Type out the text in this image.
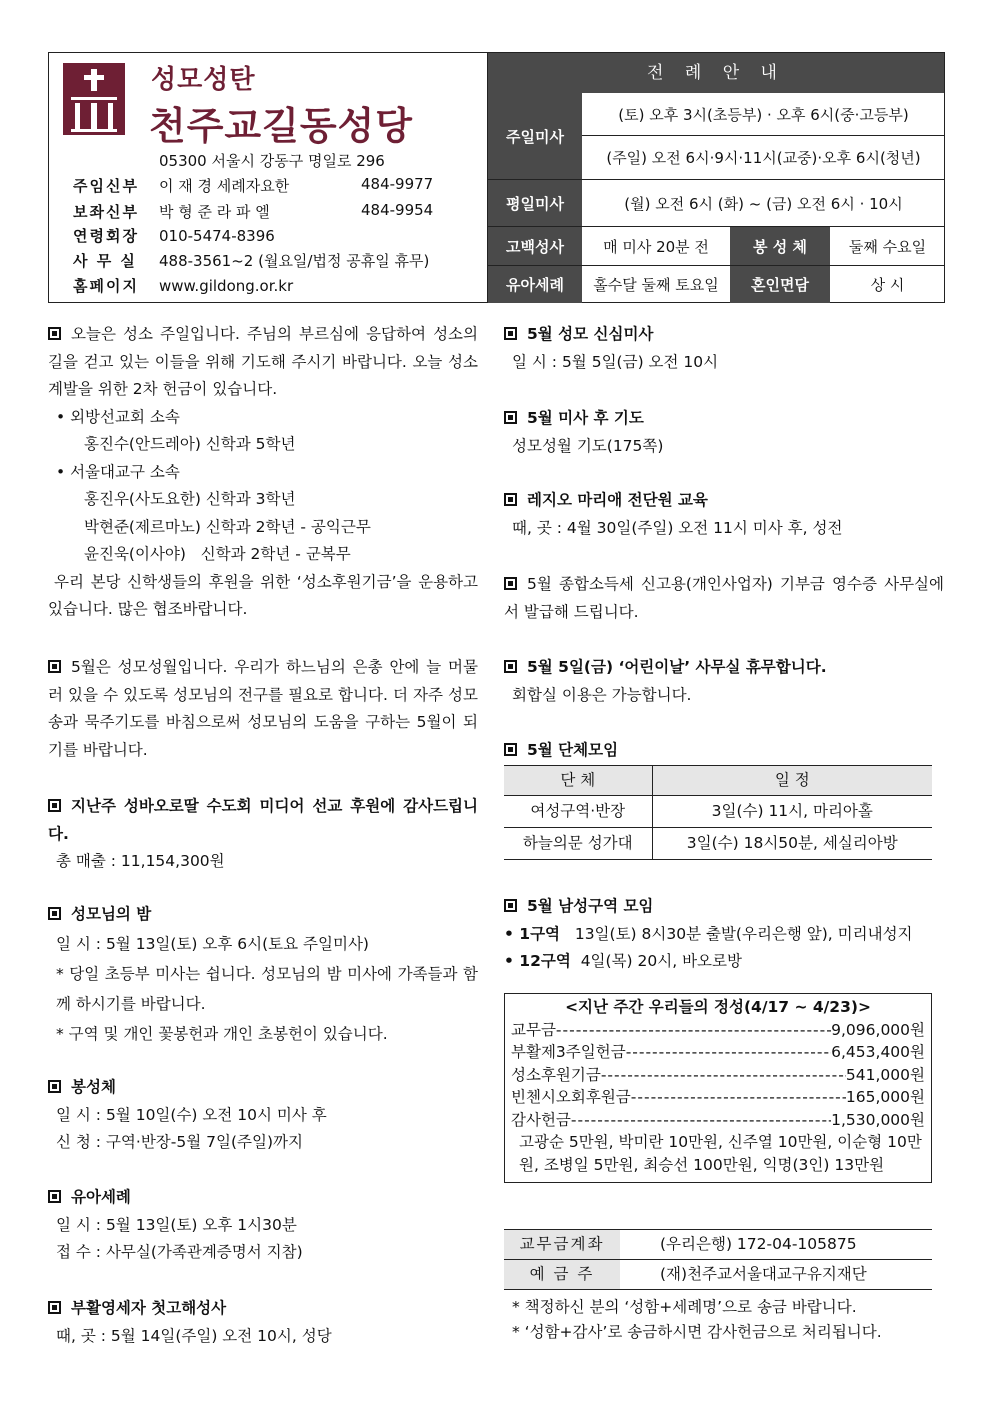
성모성탄
천주교길동성당
05300 서울시 강동구 명일로 296
주임신부 이 재 경 세례자요한	484-9977
보좌신부 박 형 준 라 파 엘	484-9954
연령회장 010-5474-8396
사 무 실 488-3561~2 (월요일/법정 공휴일 휴무)
홈페이지 www.gildong.or.kr
전 례 안 내
주일미사
(토) 오후 3시(초등부) · 오후 6시(중·고등부)
(주일) 오전 6시·9시·11시(교중)·오후 6시(청년)
평일미사	(월) 오전 6시 (화) ~ (금) 오전 6시 · 10시
고백성사	매 미사 20분 전	봉 성 체	둘째 수요일
유아세례	홀수달 둘째 토요일	혼인면담	상 시
오늘은 성소 주일입니다. 주님의 부르심에 응답하여 성소의 길을 걷고 있는 이들을 위해 기도해 주시기 바랍니다. 오늘 성소 계발을 위한 2차 헌금이 있습니다.
• 외방선교회 소속
홍진수(안드레아) 신학과 5학년
• 서울대교구 소속
홍진우(사도요한) 신학과 3학년
박현준(제르마노) 신학과 2학년 - 공익근무
윤진욱(이사야)   신학과 2학년 - 군복무
우리 본당 신학생들의 후원을 위한 ‘성소후원기금’을 운용하고 있습니다. 많은 협조바랍니다.
5월은 성모성월입니다. 우리가 하느님의 은총 안에 늘 머물러 있을 수 있도록 성모님의 전구를 필요로 합니다. 더 자주 성모송과 묵주기도를 바침으로써 성모님의 도움을 구하는 5월이 되기를 바랍니다.
지난주 성바오로딸 수도회 미디어 선교 후원에 감사드립니다.
총 매출 : 11,154,300원
성모님의 밤
일 시 : 5월 13일(토) 오후 6시(토요 주일미사)
* 당일 초등부 미사는 쉽니다. 성모님의 밤 미사에 가족들과 함께 하시기를 바랍니다.
* 구역 및 개인 꽃봉헌과 개인 초봉헌이 있습니다.
봉성체
일 시 : 5월 10일(수) 오전 10시 미사 후
신 청 : 구역·반장-5월 7일(주일)까지
유아세례
일 시 : 5월 13일(토) 오후 1시30분
접 수 : 사무실(가족관계증명서 지참)
부활영세자 첫고해성사
때, 곳 : 5월 14일(주일) 오전 10시, 성당
5월 성모 신심미사
일 시 : 5월 5일(금) 오전 10시
5월 미사 후 기도
성모성월 기도(175쪽)
레지오 마리애 전단원 교육
때, 곳 : 4월 30일(주일) 오전 11시 미사 후, 성전
5월 종합소득세 신고용(개인사업자) 기부금 영수증 사무실에서 발급해 드립니다.
5월 5일(금) ‘어린이날’ 사무실 휴무합니다.
회합실 이용은 가능합니다.
5월 단체모임
단 체	일 정
여성구역·반장	3일(수) 11시, 마리아홀
하늘의문 성가대	3일(수) 18시50분, 세실리아방
5월 남성구역 모임
• 1구역 13일(토) 8시30분 출발(우리은행 앞), 미리내성지
• 12구역 4일(목) 20시, 바오로방
<지난 주간 우리들의 정성(4/17 ~ 4/23)>
교무금 -----	9,096,000원
부활제3주일헌금 -----	6,453,400원
성소후원기금 -----	541,000원
빈첸시오회후원금 -----	165,000원
감사헌금 -----	1,530,000원
고광순 5만원, 박미란 10만원, 신주열 10만원, 이순형 10만원, 조병일 5만원, 최승선 100만원, 익명(3인) 13만원
교무금계좌	(우리은행) 172-04-105875
예 금 주	(재)천주교서울대교구유지재단
* 책정하신 분의 ‘성함+세례명’으로 송금 바랍니다.
* ‘성함+감사’로 송금하시면 감사헌금으로 처리됩니다.
